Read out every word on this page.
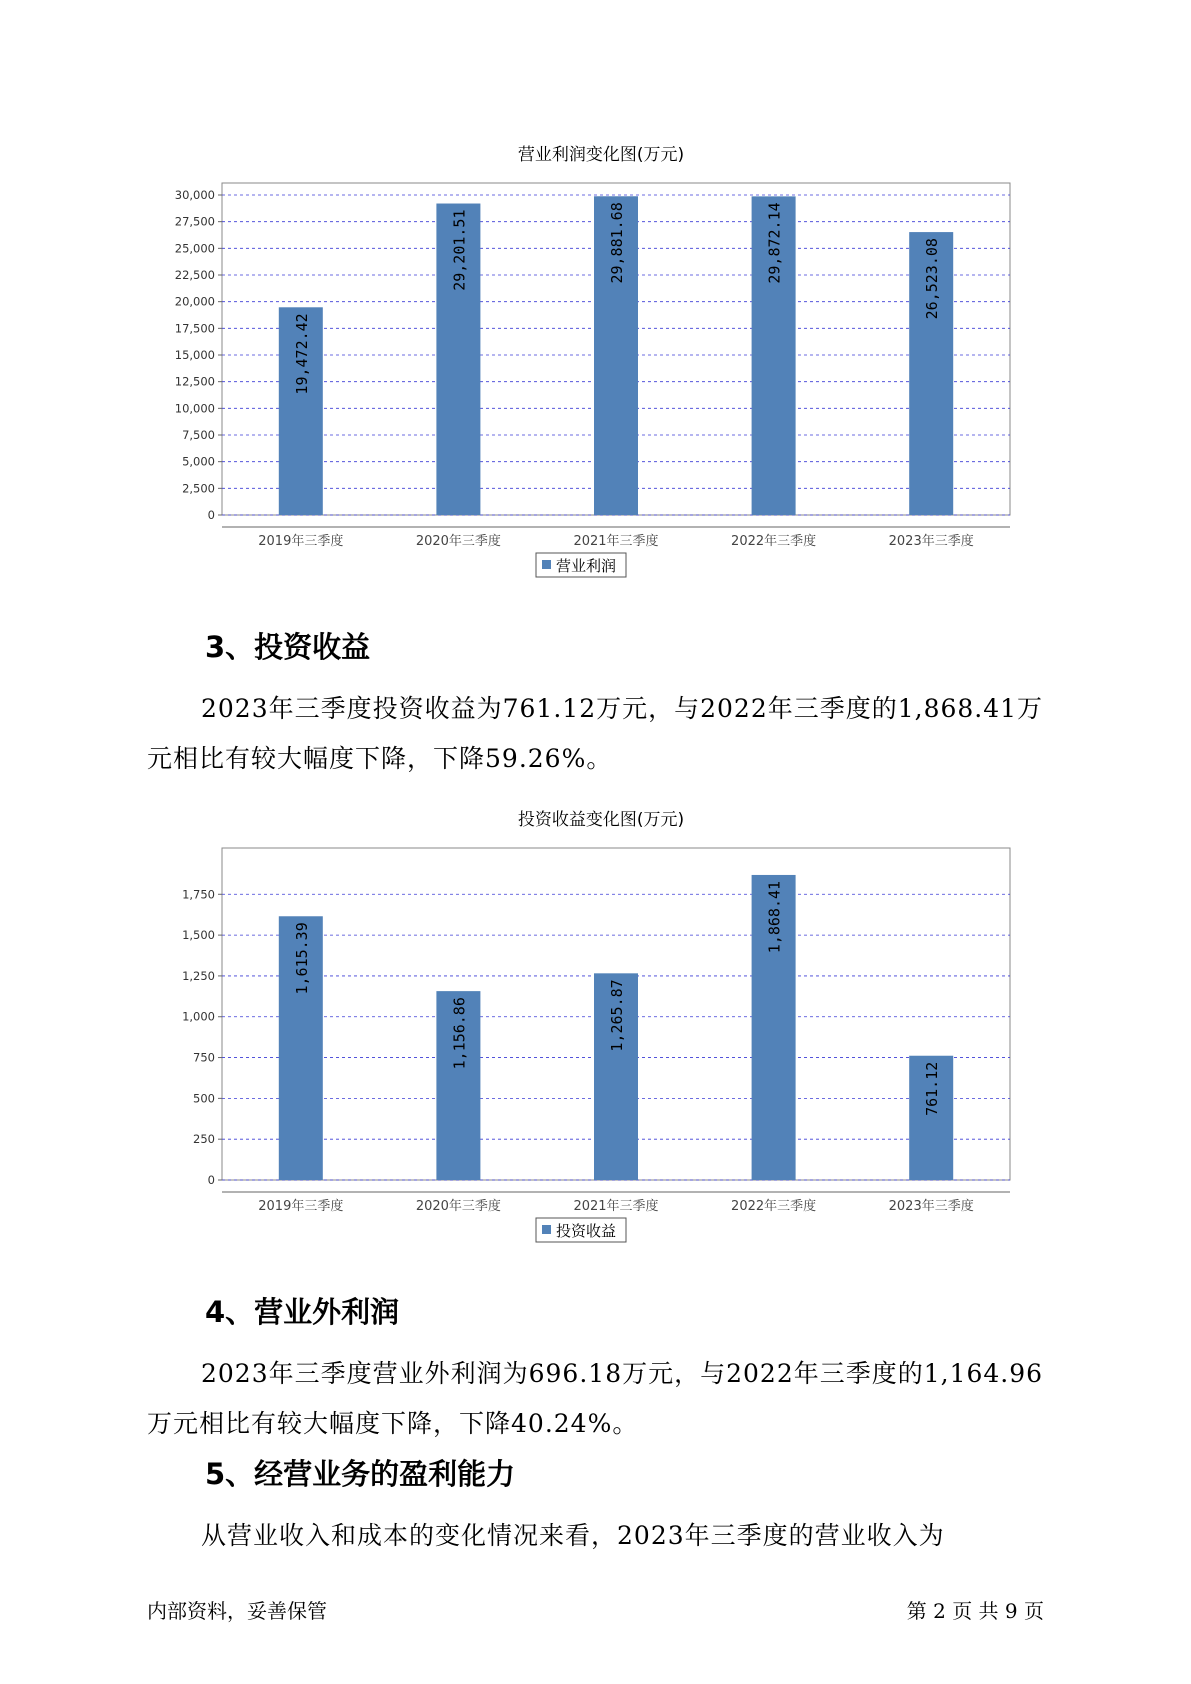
营业利润变化图(万元)
0
2,500
5,000
7,500
10,000
12,500
15,000
17,500
20,000
22,500
25,000
27,500
30,000
19,472.42
2019年三季度
29,201.51
2020年三季度
29,881.68
2021年三季度
29,872.14
2022年三季度
26,523.08
2023年三季度
营业利润
3、投资收益

2023年三季度投资收益为761.12万元，与2022年三季度的1,868.41万
元相比有较大幅度下降，下降59.26%。

投资收益变化图(万元)
0
250
500
750
1,000
1,250
1,500
1,750
1,615.39
2019年三季度
1,156.86
2020年三季度
1,265.87
2021年三季度
1,868.41
2022年三季度
761.12
2023年三季度
投资收益
4、营业外利润

2023年三季度营业外利润为696.18万元，与2022年三季度的1,164.96
万元相比有较大幅度下降，下降40.24%。

5、经营业务的盈利能力

从营业收入和成本的变化情况来看，2023年三季度的营业收入为

内部资料，妥善保管	第 2 页 共 9 页
